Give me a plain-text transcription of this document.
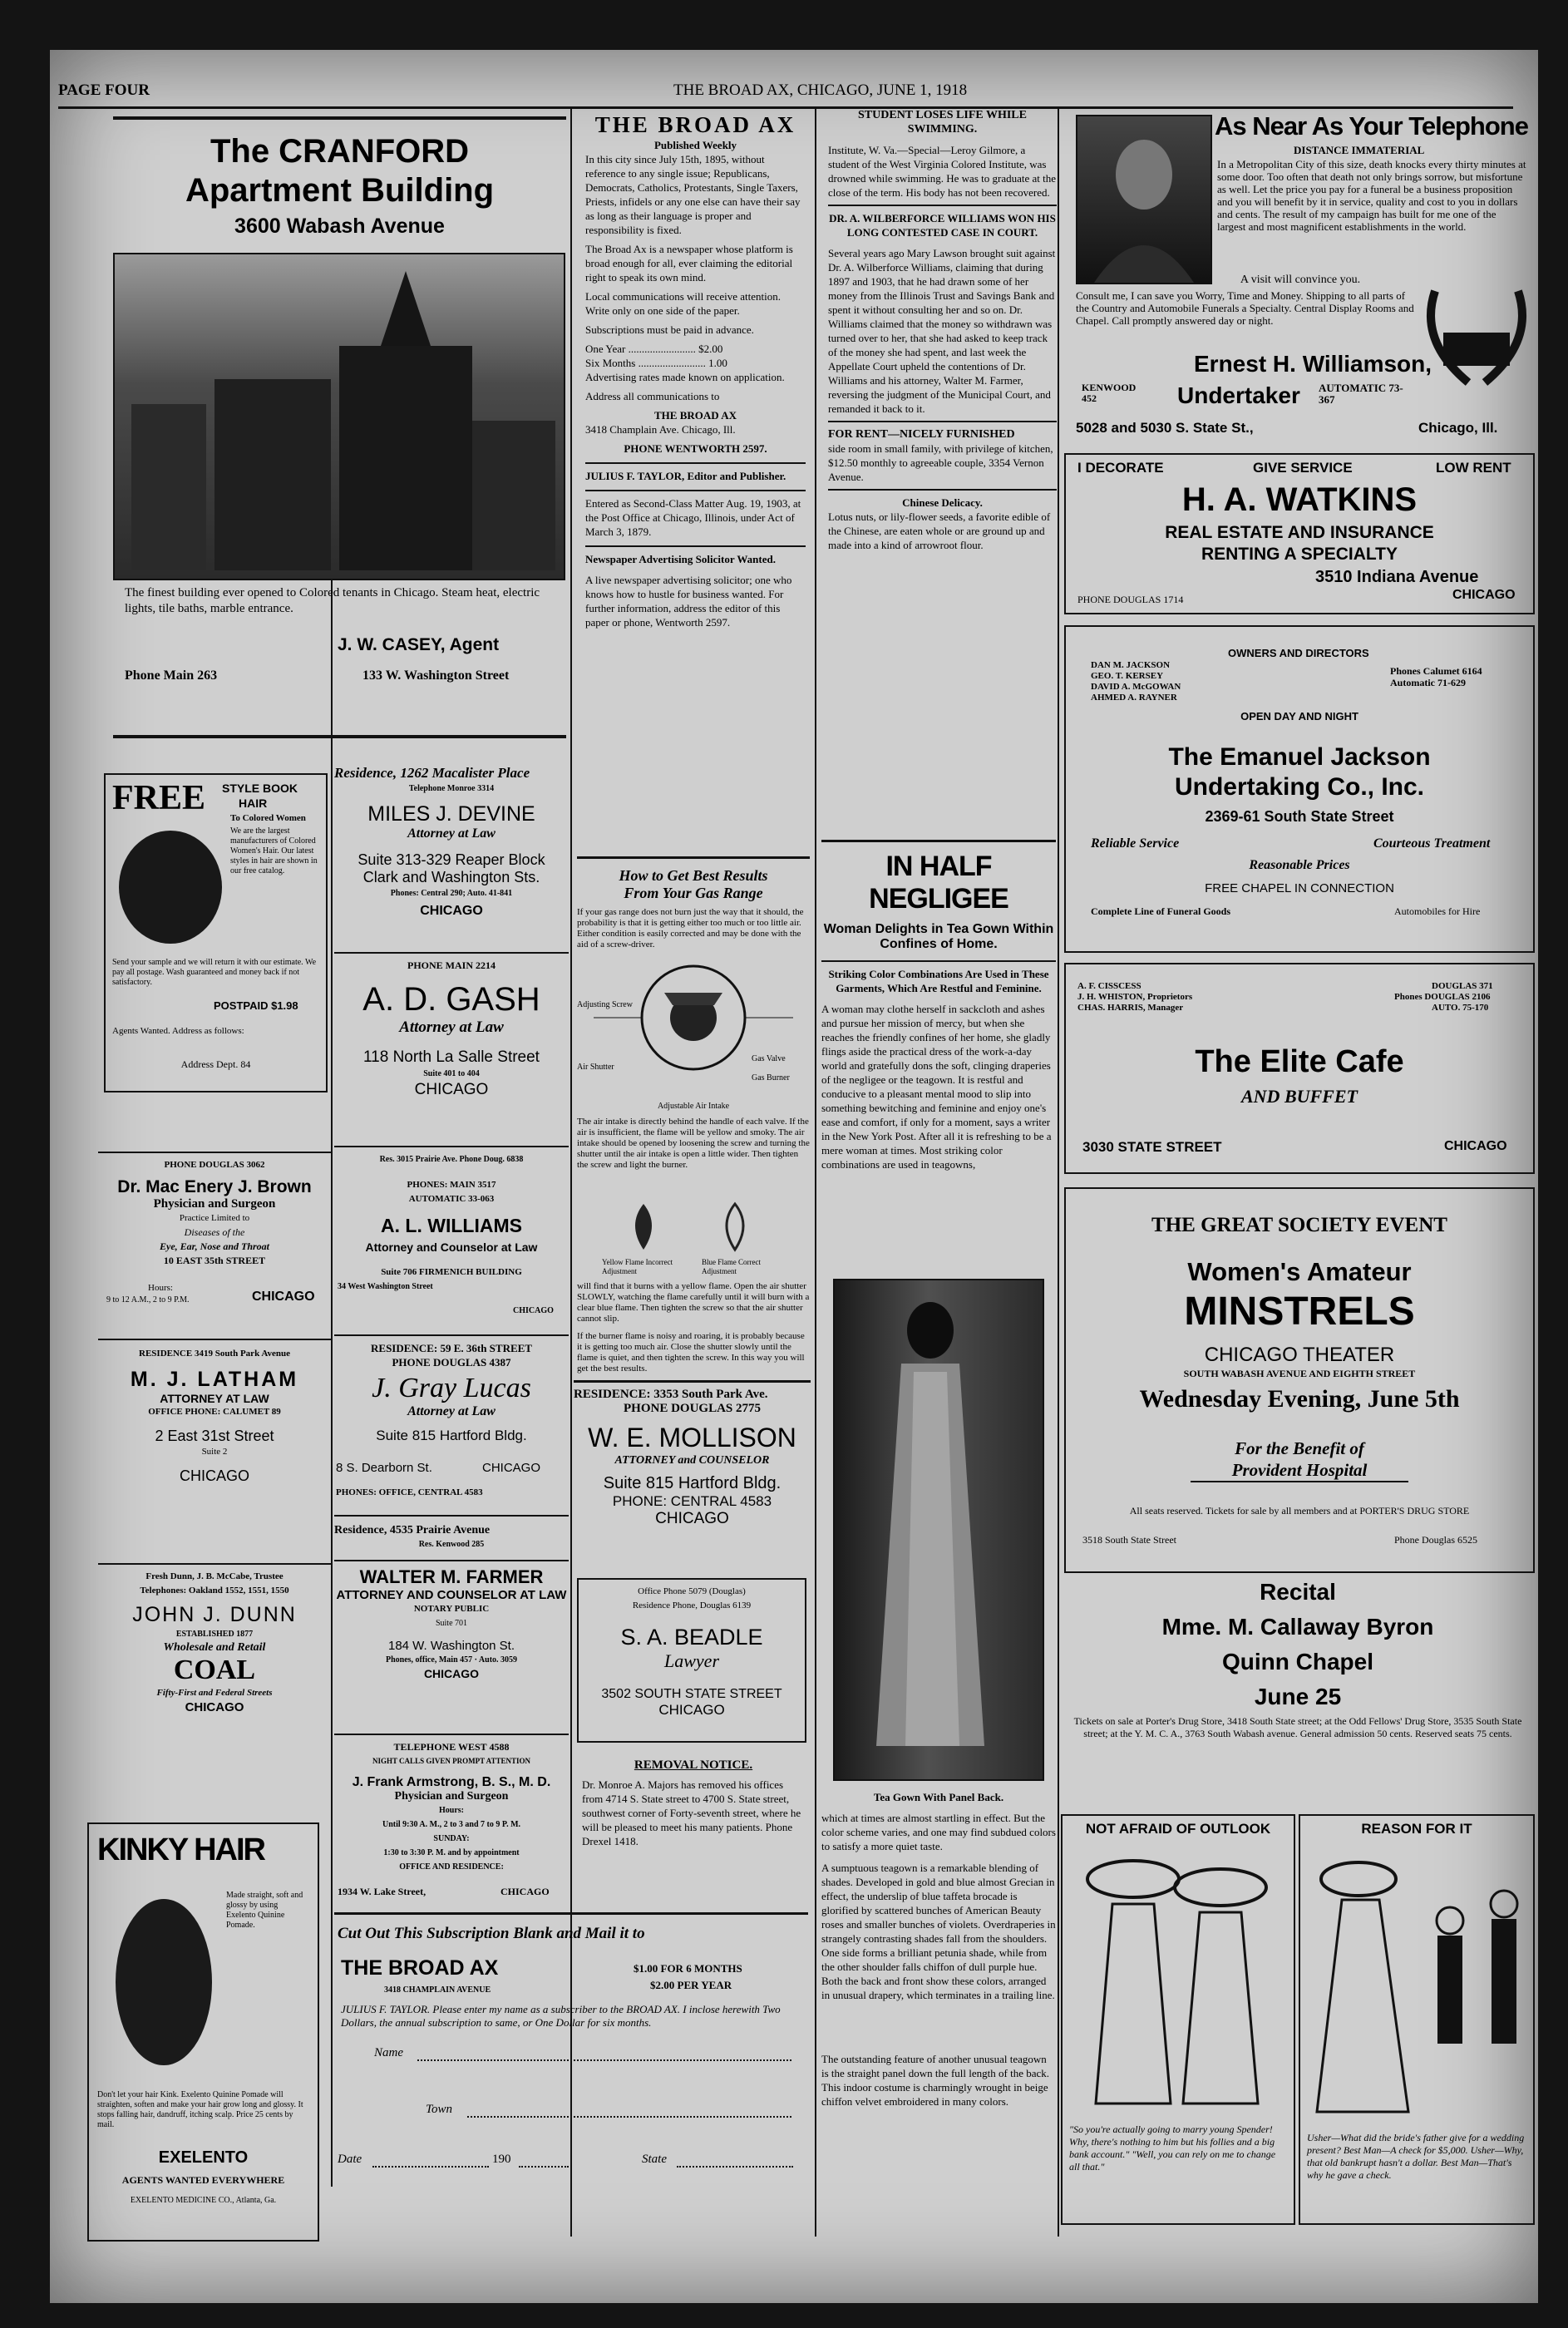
PAGE FOUR	THE BROAD AX, CHICAGO, JUNE 1, 1918
The CRANFORD
Apartment Building
3600 Wabash Avenue
The finest building ever opened to Colored tenants in Chicago. Steam heat, electric lights, tile baths, marble entrance.
J. W. CASEY, Agent
Phone Main 263	133 W. Washington Street
THE BROAD AX
Published Weekly

In this city since July 15th, 1895, without reference to any single issue; Republicans, Democrats, Catholics, Protestants, Single Taxers, Priests, infidels or any one else can have their say as long as their language is proper and responsibility is fixed.

The Broad Ax is a newspaper whose platform is broad enough for all, ever claiming the editorial right to speak its own mind.

Local communications will receive attention. Write only on one side of the paper.

Subscriptions must be paid in advance.

One Year ......................... $2.00
Six Months ......................... 1.00

Advertising rates made known on application.

Address all communications to

THE BROAD AX
3418 Champlain Ave. Chicago, Ill.
PHONE WENTWORTH 2597.
JULIUS F. TAYLOR, Editor and Publisher.
Entered as Second-Class Matter Aug. 19, 1903, at the Post Office at Chicago, Illinois, under Act of March 3, 1879.
Newspaper Advertising Solicitor Wanted.

A live newspaper advertising solicitor; one who knows how to hustle for business wanted. For further information, address the editor of this paper or phone, Wentworth 2597.

How to Get Best Results
From Your Gas Range

If your gas range does not burn just the way that it should, the probability is that it is getting either too much or too little air. Either condition is easily corrected and may be done with the aid of a screw-driver.

Adjusting Screw
Air Shutter
Gas Valve
Gas Burner
Adjustable Air Intake

The air intake is directly behind the handle of each valve. If the air is insufficient, the flame will be yellow and smoky. The air intake should be opened by loosening the screw and turning the shutter until the air intake is open a little wider. Then tighten the screw and light the burner.

Yellow Flame Incorrect Adjustment
Blue Flame Correct Adjustment

will find that it burns with a yellow flame. Open the air shutter SLOWLY, watching the flame carefully until it will burn with a clear blue flame. Then tighten the screw so that the air shutter cannot slip.

If the burner flame is noisy and roaring, it is probably because it is getting too much air. Close the shutter slowly until the flame is quiet, and then tighten the screw. In this way you will get the best results.

RESIDENCE: 3353 South Park Ave.
PHONE DOUGLAS 2775
W. E. MOLLISON
ATTORNEY and COUNSELOR
Suite 815 Hartford Bldg.
PHONE: CENTRAL 4583
CHICAGO
Office Phone 5079 (Douglas)
Residence Phone, Douglas 6139
S. A. BEADLE
Lawyer
3502 SOUTH STATE STREET
CHICAGO
REMOVAL NOTICE.

Dr. Monroe A. Majors has removed his offices from 4714 S. State street to 4700 S. State street, southwest corner of Forty-seventh street, where he will be pleased to meet his many patients. Phone Drexel 1418.

STUDENT LOSES LIFE WHILE SWIMMING.

Institute, W. Va.—Special—Leroy Gilmore, a student of the West Virginia Colored Institute, was drowned while swimming. He was to graduate at the close of the term. His body has not been recovered.

DR. A. WILBERFORCE WILLIAMS WON HIS LONG CONTESTED CASE IN COURT.

Several years ago Mary Lawson brought suit against Dr. A. Wilberforce Williams, claiming that during 1897 and 1903, that he had drawn some of her money from the Illinois Trust and Savings Bank and spent it without consulting her and so on. Dr. Williams claimed that the money so withdrawn was turned over to her, that she had asked to keep track of the money she had spent, and last week the Appellate Court upheld the contentions of Dr. Williams and his attorney, Walter M. Farmer, reversing the judgment of the Municipal Court, and remanded it back to it.

FOR RENT—NICELY FURNISHED

side room in small family, with privilege of kitchen, $12.50 monthly to agreeable couple, 3354 Vernon Avenue.

Chinese Delicacy.

Lotus nuts, or lily-flower seeds, a favorite edible of the Chinese, are eaten whole or are ground up and made into a kind of arrowroot flour.

IN HALF NEGLIGEE
Woman Delights in Tea Gown Within Confines of Home.
Striking Color Combinations Are Used in These Garments, Which Are Restful and Feminine.

A woman may clothe herself in sackcloth and ashes and pursue her mission of mercy, but when she reaches the friendly confines of her home, she gladly flings aside the practical dress of the work-a-day world and gratefully dons the soft, clinging draperies of the negligee or the teagown. It is restful and conducive to a pleasant mental mood to slip into something bewitching and feminine and enjoy one's ease and comfort, if only for a moment, says a writer in the New York Post. After all it is refreshing to be a mere woman at times. Most striking color combinations are used in teagowns,

Tea Gown With Panel Back.

which at times are almost startling in effect. But the color scheme varies, and one may find subdued colors to satisfy a more quiet taste.

A sumptuous teagown is a remarkable blending of shades. Developed in gold and blue almost Grecian in effect, the underslip of blue taffeta brocade is glorified by scattered bunches of American Beauty roses and smaller bunches of violets. Overdraperies in strangely contrasting shades fall from the shoulders. One side forms a brilliant petunia shade, while from the other shoulder falls chiffon of dull purple hue. Both the back and front show these colors, arranged in unusual drapery, which terminates in a trailing line.

The outstanding feature of another unusual teagown is the straight panel down the full length of the back. This indoor costume is charmingly wrought in beige chiffon velvet embroidered in many colors.

As Near As Your Telephone
DISTANCE IMMATERIAL
In a Metropolitan City of this size, death knocks every thirty minutes at some door. Too often that death not only brings sorrow, but misfortune as well. Let the price you pay for a funeral be a business proposition and you will benefit by it in service, quality and cost to you in dollars and cents. The result of my campaign has built for me one of the largest and most magnificent establishments in the world.
A visit will convince you.
Consult me, I can save you Worry, Time and Money. Shipping to all parts of the Country and Automobile Funerals a Specialty. Central Display Rooms and Chapel. Call promptly answered day or night.
Ernest H. Williamson,
KENWOOD 452	Undertaker AUTOMATIC 73-367
5028 and 5030 S. State St.,	Chicago, Ill.
I DECORATE	GIVE SERVICE	LOW RENT
H. A. WATKINS
REAL ESTATE AND INSURANCE
RENTING A SPECIALTY
3510 Indiana Avenue
PHONE DOUGLAS 1714	CHICAGO
OWNERS AND DIRECTORS
DAN M. JACKSON
GEO. T. KERSEY
DAVID A. McGOWAN
AHMED A. RAYNER
Phones Calumet 6164 Automatic 71-629
OPEN DAY AND NIGHT
The Emanuel Jackson
Undertaking Co., Inc.
2369-61 South State Street
Reliable Service	Courteous Treatment
Reasonable Prices
FREE CHAPEL IN CONNECTION
Complete Line of Funeral Goods	Automobiles for Hire
A. F. CISSCESS
J. H. WHISTON, Proprietors
CHAS. HARRIS, Manager
DOUGLAS 371
Phones DOUGLAS 2106
AUTO. 75-170
The Elite Cafe
AND BUFFET
3030 STATE STREET	CHICAGO
THE GREAT SOCIETY EVENT
Women's Amateur
MINSTRELS
CHICAGO THEATER
SOUTH WABASH AVENUE AND EIGHTH STREET
Wednesday Evening, June 5th
For the Benefit of
Provident Hospital
All seats reserved. Tickets for sale by all members and at PORTER'S DRUG STORE
3518 South State Street	Phone Douglas 6525
Recital
Mme. M. Callaway Byron
Quinn Chapel
June 25
Tickets on sale at Porter's Drug Store, 3418 South State street; at the Odd Fellows' Drug Store, 3535 South State street; at the Y. M. C. A., 3763 South Wabash avenue. General admission 50 cents. Reserved seats 75 cents.
NOT AFRAID OF OUTLOOK
"So you're actually going to marry young Spender! Why, there's nothing to him but his follies and a big bank account." "Well, you can rely on me to change all that."
REASON FOR IT
Usher—What did the bride's father give for a wedding present? Best Man—A check for $5,000. Usher—Why, that old bankrupt hasn't a dollar. Best Man—That's why he gave a check.
FREE STYLE BOOK
HAIR
To Colored Women
We are the largest manufacturers of Colored Women's Hair. Our latest styles in hair are shown in our free catalog.
Send your sample and we will return it with our estimate. We pay all postage. Wash guaranteed and money back if not satisfactory.
POSTPAID $1.98
Agents Wanted. Address as follows:
Address Dept. 84
PHONE DOUGLAS 3062
Dr. Mac Enery J. Brown
Physician and Surgeon
Practice Limited to
Diseases of the
Eye, Ear, Nose and Throat
10 EAST 35th STREET
Hours:
9 to 12 A.M., 2 to 9 P.M.	CHICAGO
RESIDENCE 3419 South Park Avenue
M. J. LATHAM
ATTORNEY AT LAW
OFFICE PHONE: CALUMET 89
2 East 31st Street
Suite 2
CHICAGO
Fresh Dunn, J. B. McCabe, Trustee
Telephones: Oakland 1552, 1551, 1550
JOHN J. DUNN
ESTABLISHED 1877
Wholesale and Retail
COAL
Fifty-First and Federal Streets
CHICAGO
KINKY HAIR
Made straight, soft and glossy by using Exelento Quinine Pomade.
Don't let your hair Kink. Exelento Quinine Pomade will straighten, soften and make your hair grow long and glossy. It stops falling hair, dandruff, itching scalp. Price 25 cents by mail.
EXELENTO
AGENTS WANTED EVERYWHERE
EXELENTO MEDICINE CO., Atlanta, Ga.
Residence, 1262 Macalister Place
Telephone Monroe 3314
MILES J. DEVINE
Attorney at Law
Suite 313-329 Reaper Block
Clark and Washington Sts.
Phones: Central 290; Auto. 41-841
CHICAGO
PHONE MAIN 2214
A. D. GASH
Attorney at Law
118 North La Salle Street
Suite 401 to 404
CHICAGO
Res. 3015 Prairie Ave. Phone Doug. 6838
PHONES: MAIN 3517
AUTOMATIC 33-063
A. L. WILLIAMS
Attorney and Counselor at Law
Suite 706 FIRMENICH BUILDING
34 West Washington Street
CHICAGO
RESIDENCE: 59 E. 36th STREET
PHONE DOUGLAS 4387
J. Gray Lucas
Attorney at Law
Suite 815 Hartford Bldg.
8 S. Dearborn St.	CHICAGO
PHONES: OFFICE, CENTRAL 4583
Residence, 4535 Prairie Avenue
Res. Kenwood 285
WALTER M. FARMER
ATTORNEY AND COUNSELOR AT LAW
NOTARY PUBLIC
Suite 701
184 W. Washington St.
Phones, office, Main 457 · Auto. 3059
CHICAGO
TELEPHONE WEST 4588
NIGHT CALLS GIVEN PROMPT ATTENTION
J. Frank Armstrong, B. S., M. D.
Physician and Surgeon
Hours:
Until 9:30 A. M., 2 to 3 and 7 to 9 P. M.
SUNDAY:
1:30 to 3:30 P. M. and by appointment
OFFICE AND RESIDENCE:
1934 W. Lake Street,	CHICAGO
Cut Out This Subscription Blank and Mail it to
THE BROAD AX
3418 CHAMPLAIN AVENUE
$1.00 FOR 6 MONTHS
$2.00 PER YEAR
JULIUS F. TAYLOR. Please enter my name as a subscriber to the BROAD AX. I inclose herewith Two Dollars, the annual subscription to same, or One Dollar for six months.
Name
Town
Date	190	State
